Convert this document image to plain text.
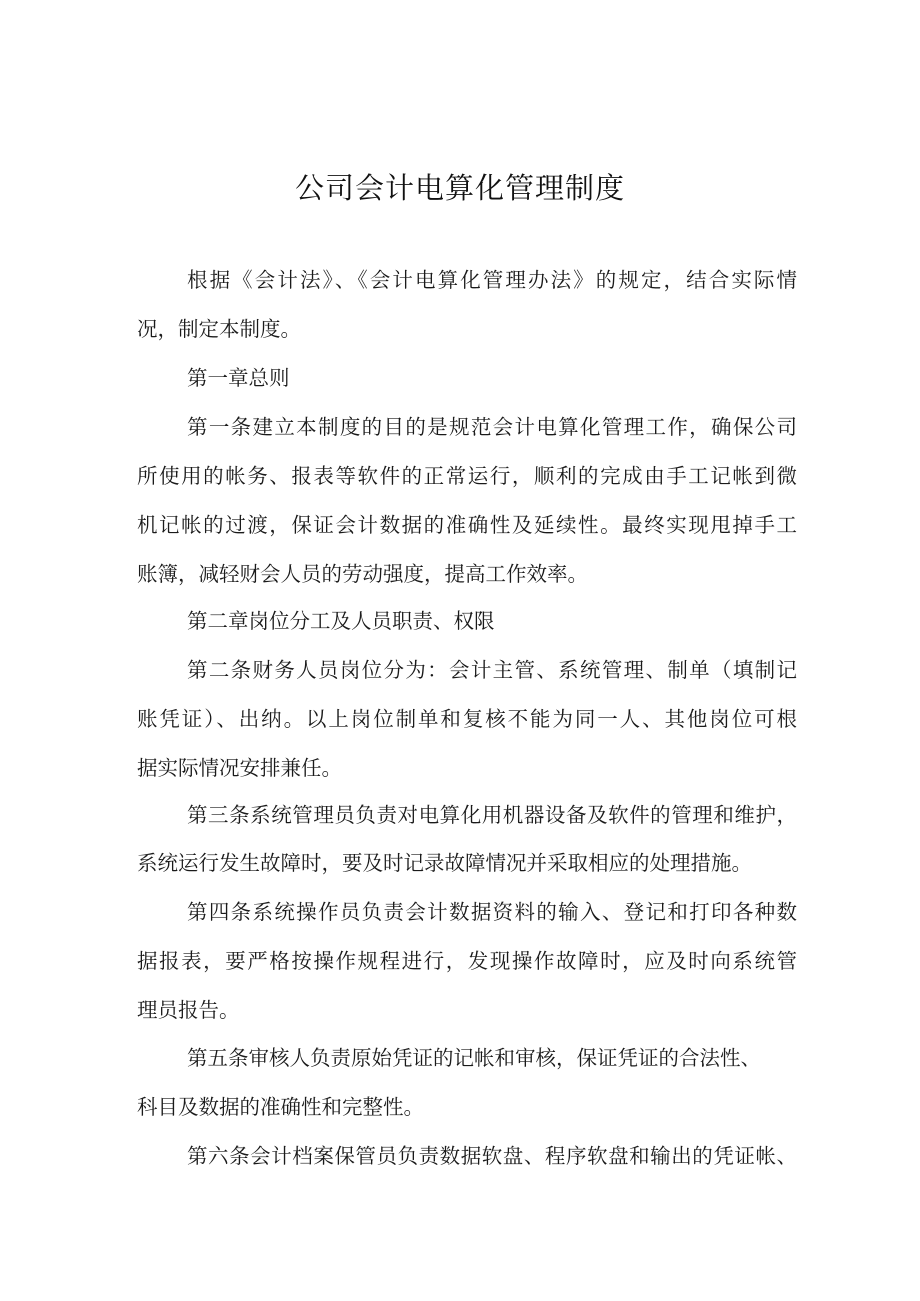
公司会计电算化管理制度
根据《会计法》、《会计电算化管理办法》的规定，结合实际情
况，制定本制度。
第一章总则
第一条建立本制度的目的是规范会计电算化管理工作，确保公司
所使用的帐务、报表等软件的正常运行，顺利的完成由手工记帐到微
机记帐的过渡，保证会计数据的准确性及延续性。最终实现甩掉手工
账簿，减轻财会人员的劳动强度，提高工作效率。
第二章岗位分工及人员职责、权限
第二条财务人员岗位分为：会计主管、系统管理、制单（填制记
账凭证）、出纳。以上岗位制单和复核不能为同一人、其他岗位可根
据实际情况安排兼任。
第三条系统管理员负责对电算化用机器设备及软件的管理和维护，
系统运行发生故障时，要及时记录故障情况并采取相应的处理措施。
第四条系统操作员负责会计数据资料的输入、登记和打印各种数
据报表，要严格按操作规程进行，发现操作故障时，应及时向系统管
理员报告。
第五条审核人负责原始凭证的记帐和审核，保证凭证的合法性、
科目及数据的准确性和完整性。
第六条会计档案保管员负责数据软盘、程序软盘和输出的凭证帐、
